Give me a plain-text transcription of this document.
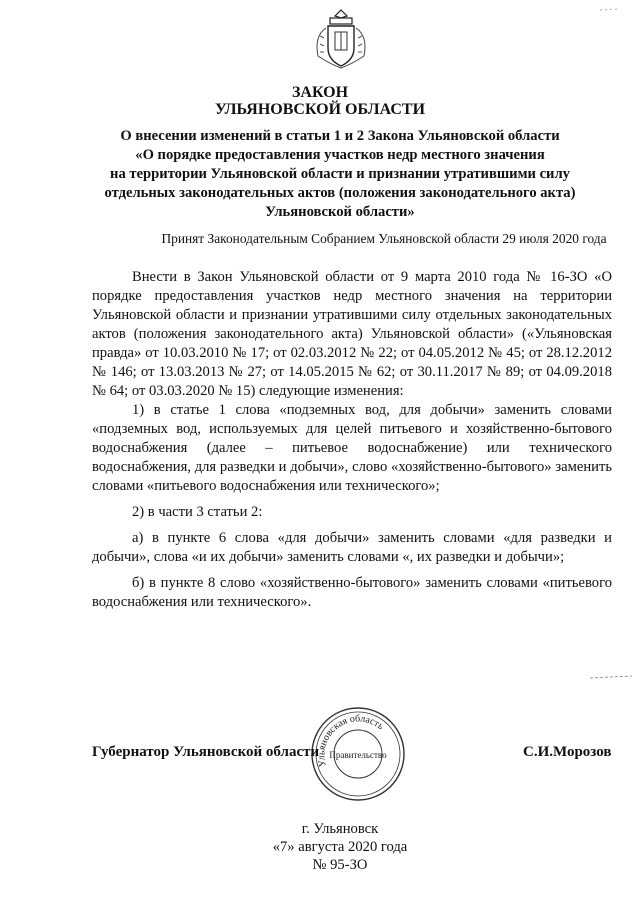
ЗАКОН
УЛЬЯНОВСКОЙ ОБЛАСТИ
О внесении изменений в статьи 1 и 2 Закона Ульяновской области
«О порядке предоставления участков недр местного значения
на территории Ульяновской области и признании утратившими силу
отдельных законодательных актов (положения законодательного акта)
Ульяновской области»
Принят Законодательным Собранием Ульяновской области 29 июля 2020 года

Внести в Закон Ульяновской области от 9 марта 2010 года № 16-ЗО «О порядке предоставления участков недр местного значения на территории Ульяновской области и признании утратившими силу отдельных законодательных актов (положения законодательного акта) Ульяновской области» («Ульяновская правда» от 10.03.2010 № 17; от 02.03.2012 № 22; от 04.05.2012 № 45; от 28.12.2012 № 146; от 13.03.2013 № 27; от 14.05.2015 № 62; от 30.11.2017 № 89; от 04.09.2018 № 64; от 03.03.2020 № 15) следующие изменения:

1) в статье 1 слова «подземных вод, для добычи» заменить словами «подземных вод, используемых для целей питьевого и хозяйственно-бытового водоснабжения (далее – питьевое водоснабжение) или технического водоснабжения, для разведки и добычи», слово «хозяйственно-бытового» заменить словами «питьевого водоснабжения или технического»;

2) в части 3 статьи 2:

а) в пункте 6 слова «для добычи» заменить словами «для разведки и добычи», слова «и их добычи» заменить словами «, их разведки и добычи»;

б) в пункте 8 слово «хозяйственно-бытового» заменить словами «питьевого водоснабжения или технического».

Ульяновская область
Правительство
Губернатор Ульяновской области	С.И.Морозов
г. Ульяновск
«7» августа 2020 года
№ 95-ЗО
